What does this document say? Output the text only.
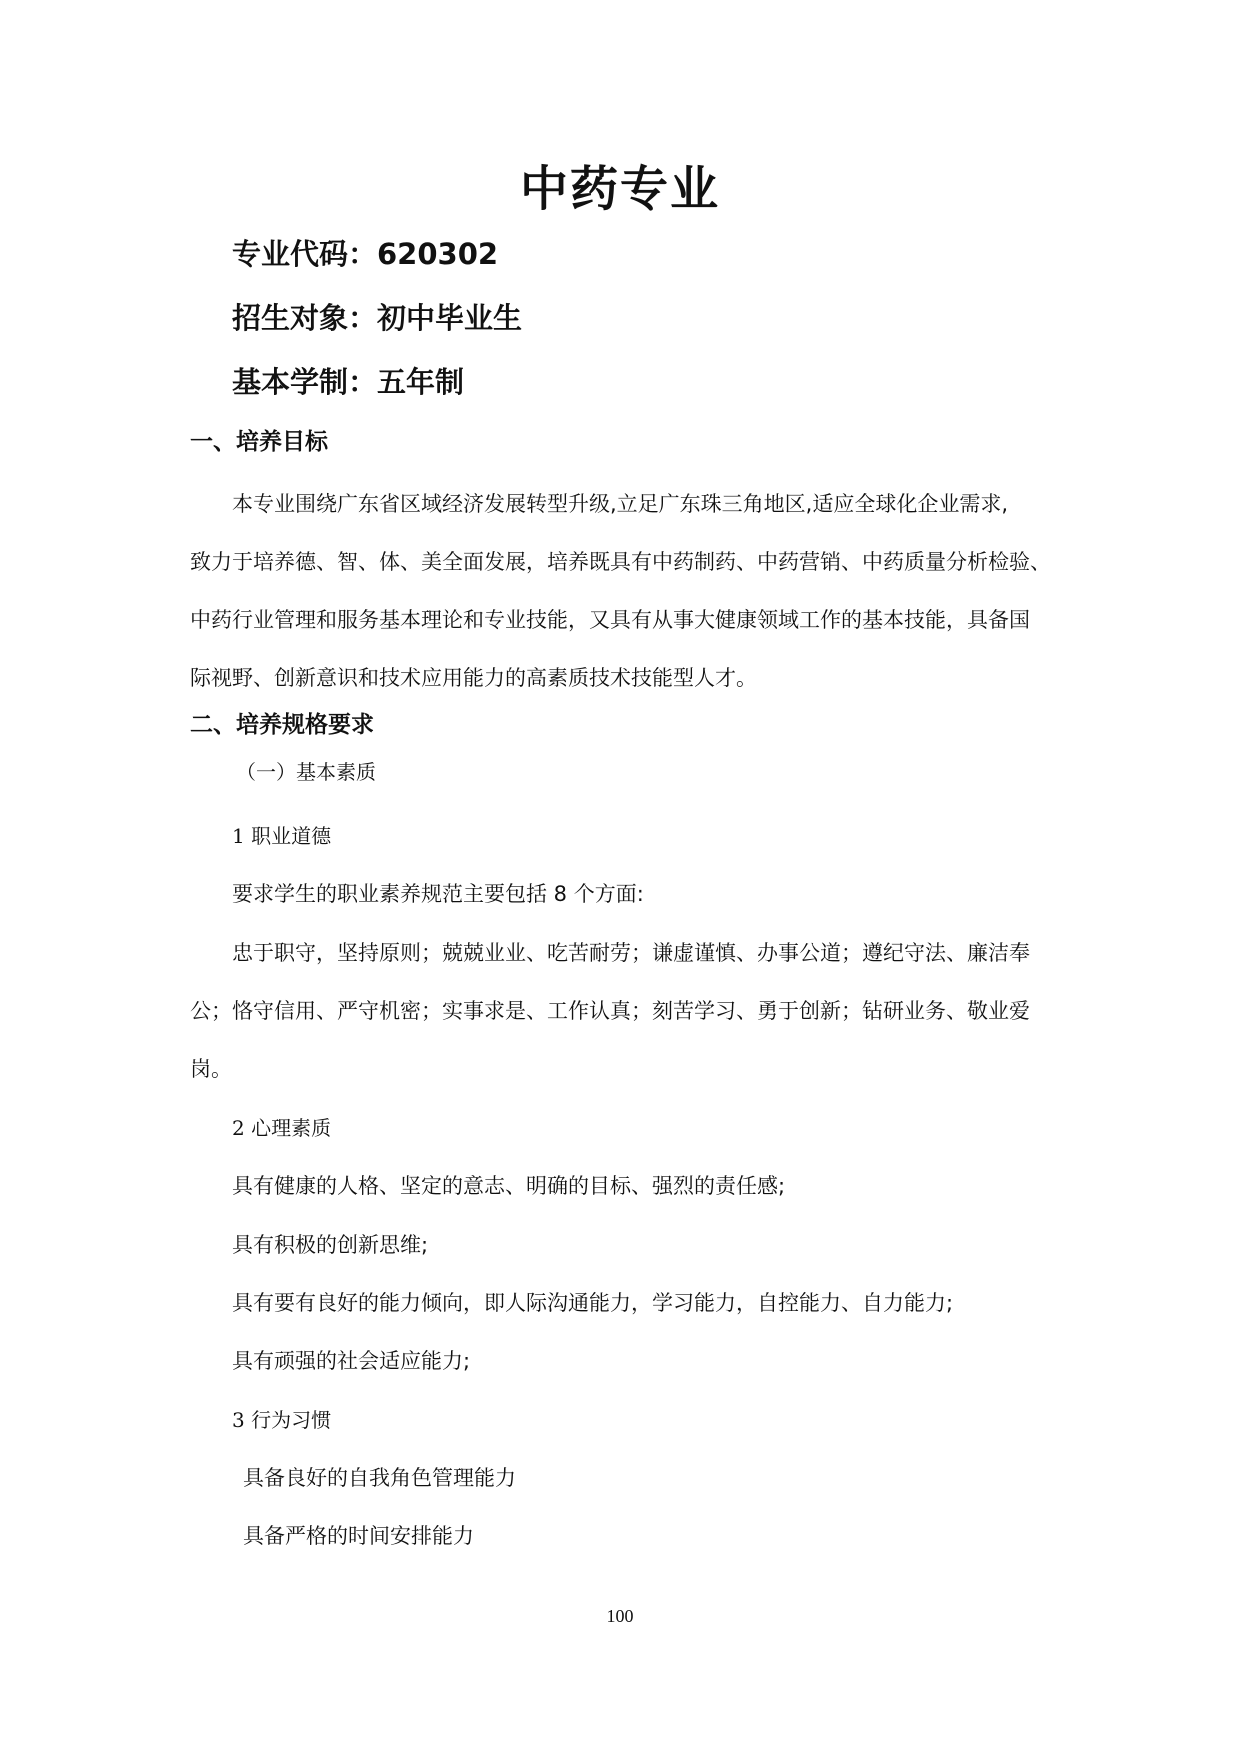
中药专业
专业代码：620302
招生对象：初中毕业生
基本学制：五年制
一、培养目标
本专业围绕广东省区域经济发展转型升级,立足广东珠三角地区,适应全球化企业需求,
致力于培养德、智、体、美全面发展，培养既具有中药制药、中药营销、中药质量分析检验、
中药行业管理和服务基本理论和专业技能，又具有从事大健康领域工作的基本技能，具备国
际视野、创新意识和技术应用能力的高素质技术技能型人才。
二、培养规格要求
（一）基本素质
1 职业道德
要求学生的职业素养规范主要包括 8 个方面:
忠于职守，坚持原则；兢兢业业、吃苦耐劳；谦虚谨慎、办事公道；遵纪守法、廉洁奉
公；恪守信用、严守机密；实事求是、工作认真；刻苦学习、勇于创新；钻研业务、敬业爱
岗。
2 心理素质
具有健康的人格、坚定的意志、明确的目标、强烈的责任感;
具有积极的创新思维;
具有要有良好的能力倾向，即人际沟通能力，学习能力，自控能力、自力能力;
具有顽强的社会适应能力;
3 行为习惯
具备良好的自我角色管理能力
具备严格的时间安排能力
100
